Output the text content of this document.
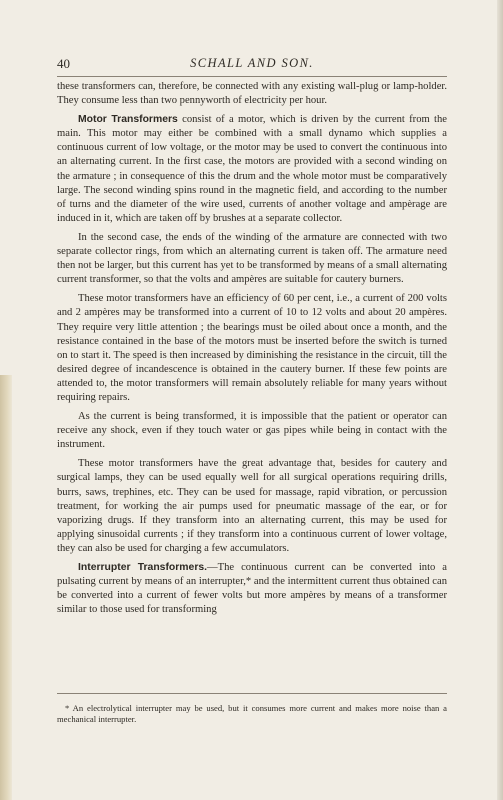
40	SCHALL AND SON.

these transformers can, therefore, be connected with any existing wall-plug or lamp-holder. They consume less than two pennyworth of electricity per hour.

Motor Transformers consist of a motor, which is driven by the current from the main. This motor may either be combined with a small dynamo which supplies a continuous current of low voltage, or the motor may be used to convert the continuous into an alternating current. In the first case, the motors are provided with a second winding on the armature ; in consequence of this the drum and the whole motor must be comparatively large. The second winding spins round in the magnetic field, and according to the number of turns and the diameter of the wire used, currents of another voltage and ampèrage are induced in it, which are taken off by brushes at a separate collector.

In the second case, the ends of the winding of the armature are connected with two separate collector rings, from which an alternating current is taken off. The armature need then not be larger, but this current has yet to be transformed by means of a small alternating current transformer, so that the volts and ampères are suitable for cautery burners.

These motor transformers have an efficiency of 60 per cent, i.e., a current of 200 volts and 2 ampères may be transformed into a current of 10 to 12 volts and about 20 ampères. They require very little attention ; the bearings must be oiled about once a month, and the resistance contained in the base of the motors must be inserted before the switch is turned on to start it. The speed is then increased by diminishing the resistance in the circuit, till the desired degree of incandescence is obtained in the cautery burner. If these few points are attended to, the motor transformers will remain absolutely reliable for many years without requiring repairs.

As the current is being transformed, it is impossible that the patient or operator can receive any shock, even if they touch water or gas pipes while being in contact with the instrument.

These motor transformers have the great advantage that, besides for cautery and surgical lamps, they can be used equally well for all surgical operations requiring drills, burrs, saws, trephines, etc. They can be used for massage, rapid vibration, or percussion treatment, for working the air pumps used for pneumatic massage of the ear, or for vaporizing drugs. If they transform into an alternating current, this may be used for applying sinusoidal currents ; if they transform into a continuous current of lower voltage, they can also be used for charging a few accumulators.

Interrupter Transformers.—The continuous current can be converted into a pulsating current by means of an interrupter,* and the intermittent current thus obtained can be converted into a current of fewer volts but more ampères by means of a transformer similar to those used for transforming

* An electrolytical interrupter may be used, but it consumes more current and makes more noise than a mechanical interrupter.
